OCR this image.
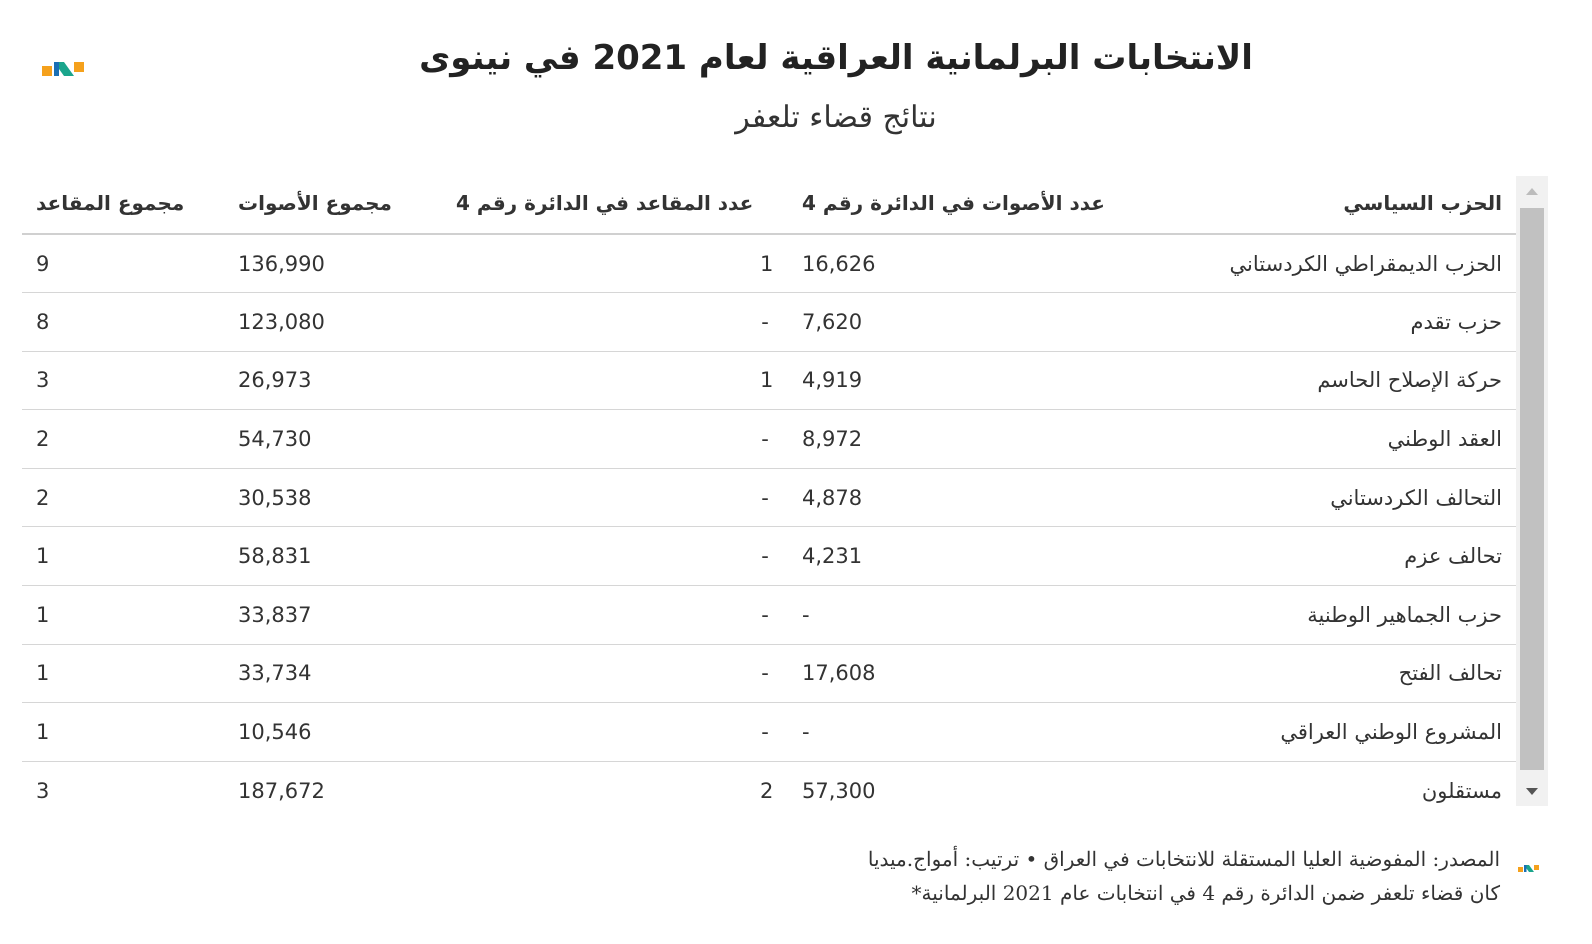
الانتخابات البرلمانية العراقية لعام 2021 في نينوى
نتائج قضاء تلعفر
الحزب السياسي	عدد الأصوات في الدائرة رقم 4	عدد المقاعد في الدائرة رقم 4	مجموع الأصوات	مجموع المقاعد
الحزب الديمقراطي الكردستاني	16,626	1	136,990	9
حزب تقدم	7,620	-	123,080	8
حركة الإصلاح الحاسم	4,919	1	26,973	3
العقد الوطني	8,972	-	54,730	2
التحالف الكردستاني	4,878	-	30,538	2
تحالف عزم	4,231	-	58,831	1
حزب الجماهير الوطنية	-	-	33,837	1
تحالف الفتح	17,608	-	33,734	1
المشروع الوطني العراقي	-	-	10,546	1
مستقلون	57,300	2	187,672	3
المصدر: المفوضية العليا المستقلة للانتخابات في العراق • ترتيب: أمواج.ميديا
كان قضاء تلعفر ضمن الدائرة رقم 4 في انتخابات عام 2021 البرلمانية*
